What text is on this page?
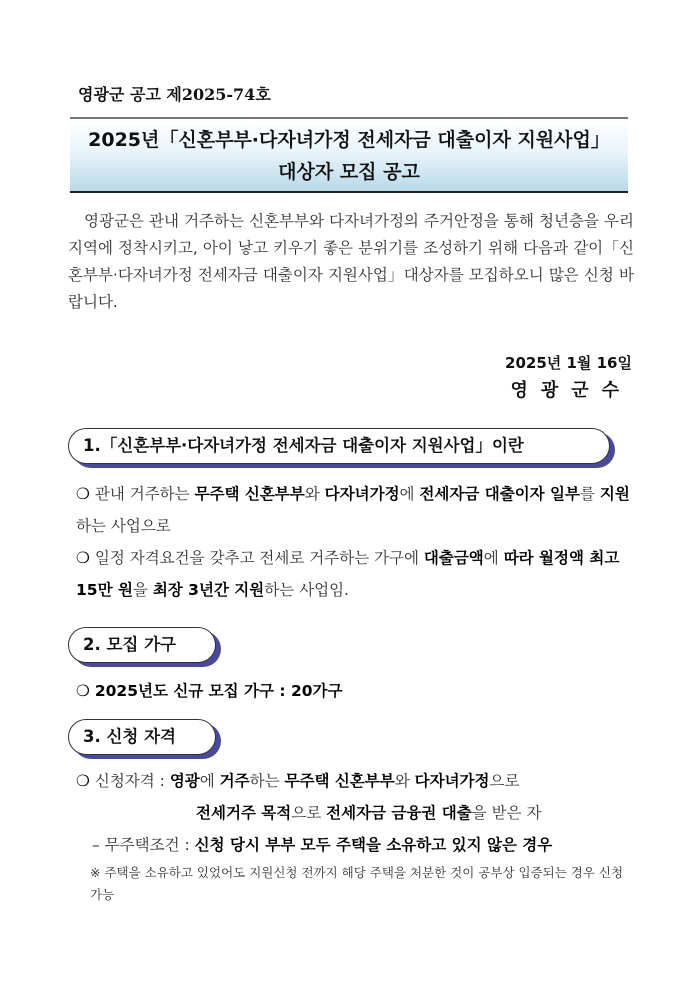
영광군 공고 제2025-74호
2025년「신혼부부·다자녀가정 전세자금 대출이자 지원사업」
대상자 모집 공고
영광군은 관내 거주하는 신혼부부와 다자녀가정의 주거안정을 통해 청년층을 우리 지역에 정착시키고, 아이 낳고 키우기 좋은 분위기를 조성하기 위해 다음과 같이「신혼부부·다자녀가정 전세자금 대출이자 지원사업」대상자를 모집하오니 많은 신청 바랍니다.
2025년 1월 16일
영광군수
1.「신혼부부·다자녀가정 전세자금 대출이자 지원사업」이란
❍ 관내 거주하는 무주택 신혼부부와 다자녀가정에 전세자금 대출이자 일부를 지원하는 사업으로
❍ 일정 자격요건을 갖추고 전세로 거주하는 가구에 대출금액에 따라 월정액 최고 15만 원을 최장 3년간 지원하는 사업임.
2. 모집 가구
❍ 2025년도 신규 모집 가구 : 20가구
3. 신청 자격
❍ 신청자격 : 영광에 거주하는 무주택 신혼부부와 다자녀가정으로
전세거주 목적으로 전세자금 금융권 대출을 받은 자
– 무주택조건 : 신청 당시 부부 모두 주택을 소유하고 있지 않은 경우
※ 주택을 소유하고 있었어도 지원신청 전까지 해당 주택을 처분한 것이 공부상 입증되는 경우 신청 가능
